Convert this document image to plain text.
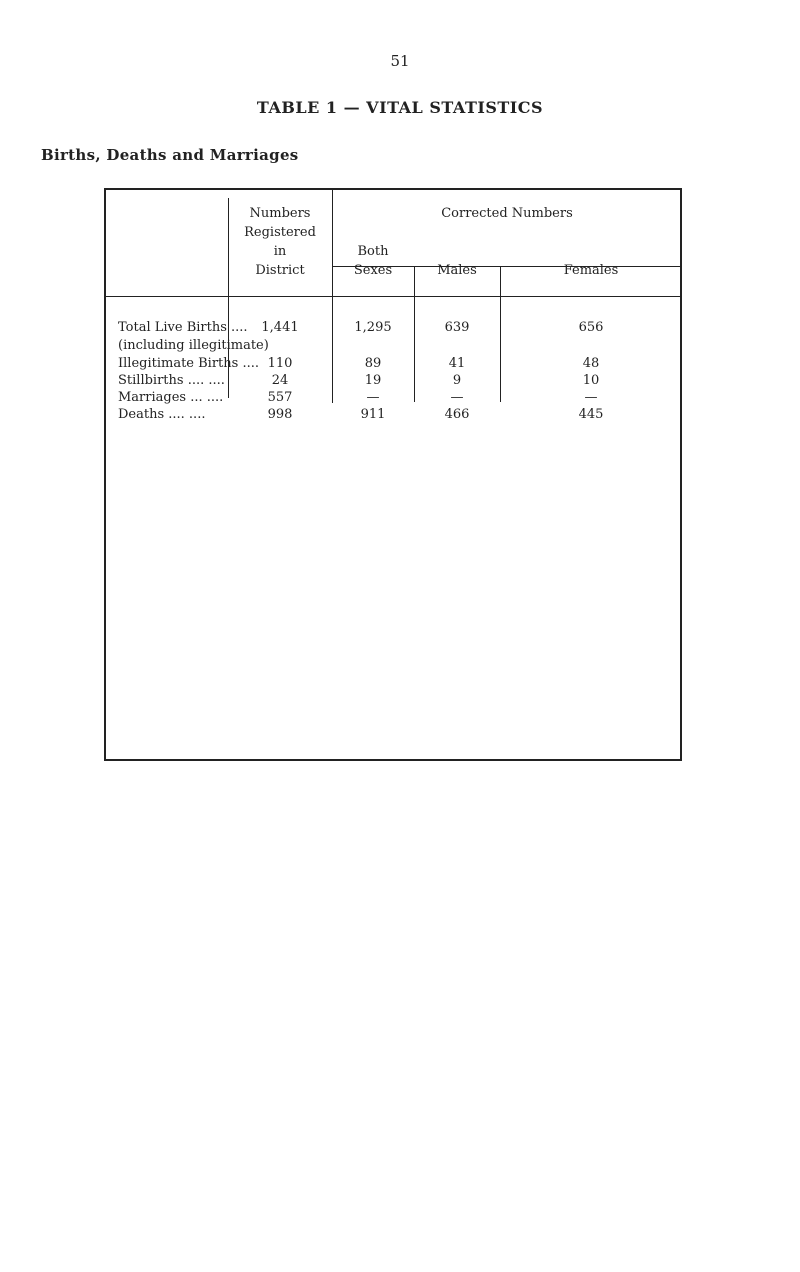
51
TABLE 1 — VITAL STATISTICS
Births, Deaths and Marriages
Numbers
Registered
in
District
Corrected Numbers
Both
Sexes	Males	Females
Total Live Births ....	1,441	1,295	639	656
(including illegitimate)
Illegitimate Births .... 110	89	41	48
Stillbirths .... ....	24	19	9	10
Marriages ... ....	557	—	—	—
Deaths .... ....	998	911	466	445
